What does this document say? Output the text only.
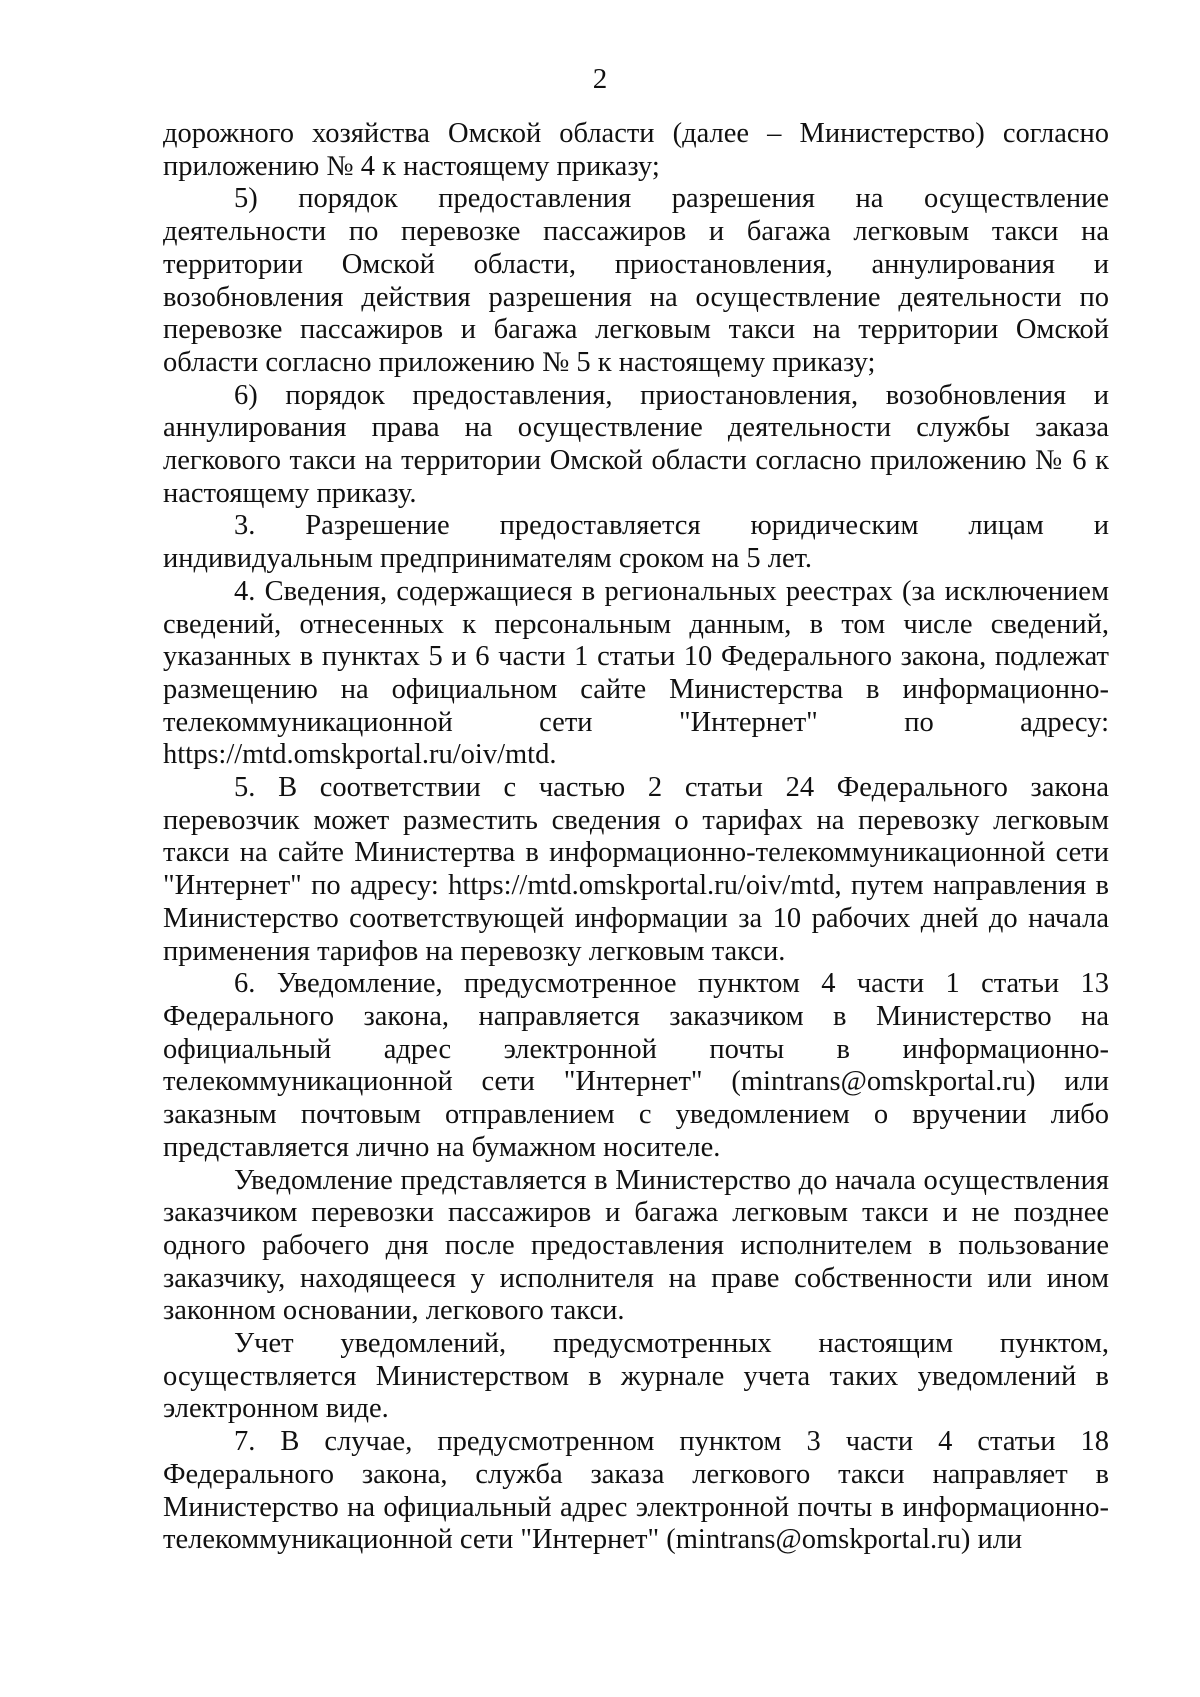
2

дорожного хозяйства Омской области (далее – Министерство) согласно приложению № 4 к настоящему приказу;

5) порядок предоставления разрешения на осуществление деятельности по перевозке пассажиров и багажа легковым такси на территории Омской области, приостановления, аннулирования и возобновления действия разрешения на осуществление деятельности по перевозке пассажиров и багажа легковым такси на территории Омской области согласно приложению № 5 к настоящему приказу;

6) порядок предоставления, приостановления, возобновления и аннулирования права на осуществление деятельности службы заказа легкового такси на территории Омской области согласно приложению № 6 к настоящему приказу.

3. Разрешение предоставляется юридическим лицам и индивидуальным предпринимателям сроком на 5 лет.

4. Сведения, содержащиеся в региональных реестрах (за исключением сведений, отнесенных к персональным данным, в том числе сведений, указанных в пунктах 5 и 6 части 1 статьи 10 Федерального закона, подлежат размещению на официальном сайте Министерства в информационно-телекоммуникационной сети "Интернет" по адресу: https://mtd.omskportal.ru/oiv/mtd.

5. В соответствии с частью 2 статьи 24 Федерального закона перевозчик может разместить сведения о тарифах на перевозку легковым такси на сайте Министертва в информационно-телекоммуникационной сети "Интернет" по адресу: https://mtd.omskportal.ru/oiv/mtd, путем направления в Министерство соответствующей информации за 10 рабочих дней до начала применения тарифов на перевозку легковым такси.

6. Уведомление, предусмотренное пунктом 4 части 1 статьи 13 Федерального закона, направляется заказчиком в Министерство на официальный адрес электронной почты в информационно-телекоммуникационной сети "Интернет" (mintrans@omskportal.ru) или заказным почтовым отправлением с уведомлением о вручении либо представляется лично на бумажном носителе.

Уведомление представляется в Министерство до начала осуществления заказчиком перевозки пассажиров и багажа легковым такси и не позднее одного рабочего дня после предоставления исполнителем в пользование заказчику, находящееся у исполнителя на праве собственности или ином законном основании, легкового такси.

Учет уведомлений, предусмотренных настоящим пунктом, осуществляется Министерством в журнале учета таких уведомлений в электронном виде.

7. В случае, предусмотренном пунктом 3 части 4 статьи 18 Федерального закона, служба заказа легкового такси направляет в Министерство на официальный адрес электронной почты в информационно-телекоммуникационной сети "Интернет" (mintrans@omskportal.ru) или
